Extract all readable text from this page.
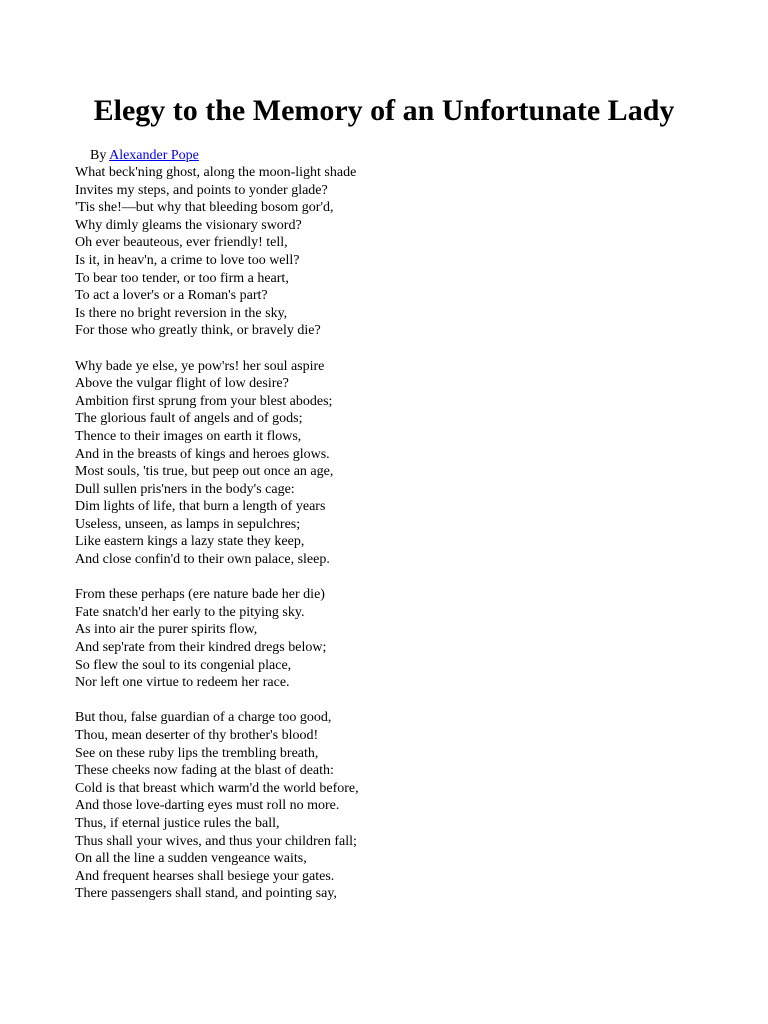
Elegy to the Memory of an Unfortunate Lady
By Alexander Pope
What beck'ning ghost, along the moon-light shade
Invites my steps, and points to yonder glade?
'Tis she!—but why that bleeding bosom gor'd,
Why dimly gleams the visionary sword?
Oh ever beauteous, ever friendly! tell,
Is it, in heav'n, a crime to love too well?
To bear too tender, or too firm a heart,
To act a lover's or a Roman's part?
Is there no bright reversion in the sky,
For those who greatly think, or bravely die?
Why bade ye else, ye pow'rs! her soul aspire
Above the vulgar flight of low desire?
Ambition first sprung from your blest abodes;
The glorious fault of angels and of gods;
Thence to their images on earth it flows,
And in the breasts of kings and heroes glows.
Most souls, 'tis true, but peep out once an age,
Dull sullen pris'ners in the body's cage:
Dim lights of life, that burn a length of years
Useless, unseen, as lamps in sepulchres;
Like eastern kings a lazy state they keep,
And close confin'd to their own palace, sleep.
From these perhaps (ere nature bade her die)
Fate snatch'd her early to the pitying sky.
As into air the purer spirits flow,
And sep'rate from their kindred dregs below;
So flew the soul to its congenial place,
Nor left one virtue to redeem her race.
But thou, false guardian of a charge too good,
Thou, mean deserter of thy brother's blood!
See on these ruby lips the trembling breath,
These cheeks now fading at the blast of death:
Cold is that breast which warm'd the world before,
And those love-darting eyes must roll no more.
Thus, if eternal justice rules the ball,
Thus shall your wives, and thus your children fall;
On all the line a sudden vengeance waits,
And frequent hearses shall besiege your gates.
There passengers shall stand, and pointing say,
